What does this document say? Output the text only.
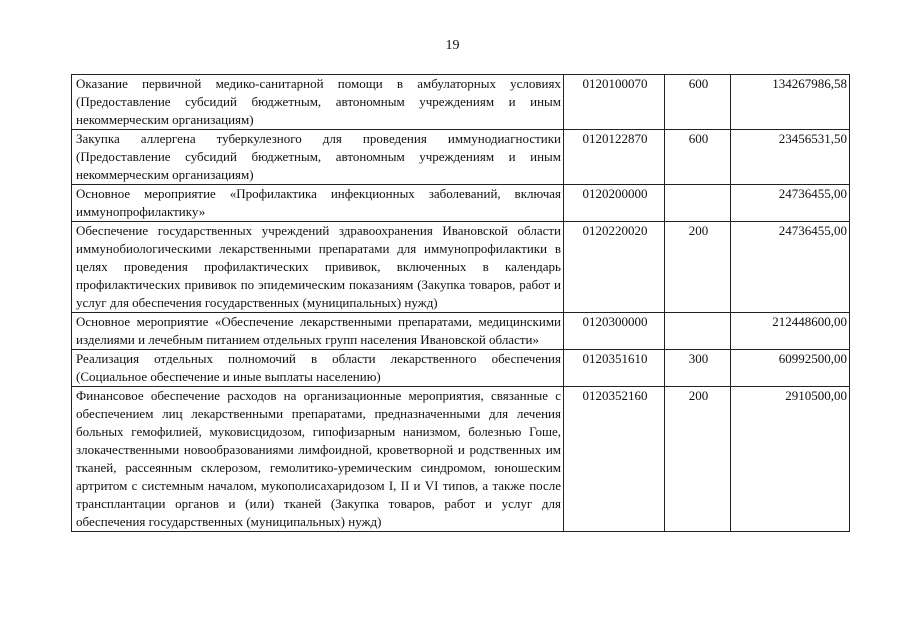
19
Оказание первичной медико-санитарной помощи в амбулаторных условиях (Предоставление субсидий бюджетным, автономным учреждениям и иным некоммерческим организациям)	0120100070	600	134267986,58
Закупка аллергена туберкулезного для проведения иммунодиагностики (Предоставление субсидий бюджетным, автономным учреждениям и иным некоммерческим организациям)	0120122870	600	23456531,50
Основное мероприятие «Профилактика инфекционных заболеваний, включая иммунопрофилактику»	0120200000		24736455,00
Обеспечение государственных учреждений здравоохранения Ивановской области иммунобиологическими лекарственными препаратами для иммунопрофилактики в целях проведения профилактических прививок, включенных в календарь профилактических прививок по эпидемическим показаниям (Закупка товаров, работ и услуг для обеспечения государственных (муниципальных) нужд)	0120220020	200	24736455,00
Основное мероприятие «Обеспечение лекарственными препаратами, медицинскими изделиями и лечебным питанием отдельных групп населения Ивановской области»	0120300000		212448600,00
Реализация отдельных полномочий в области лекарственного обеспечения (Социальное обеспечение и иные выплаты населению)	0120351610	300	60992500,00
Финансовое обеспечение расходов на организационные мероприятия, связанные с обеспечением лиц лекарственными препаратами, предназначенными для лечения больных гемофилией, муковисцидозом, гипофизарным нанизмом, болезнью Гоше, злокачественными новообразованиями лимфоидной, кроветворной и родственных им тканей, рассеянным склерозом, гемолитико-уремическим синдромом, юношеским артритом с системным началом, мукополисахаридозом I, II и VI типов, а также после трансплантации органов и (или) тканей (Закупка товаров, работ и услуг для обеспечения государственных (муниципальных) нужд)	0120352160	200	2910500,00
